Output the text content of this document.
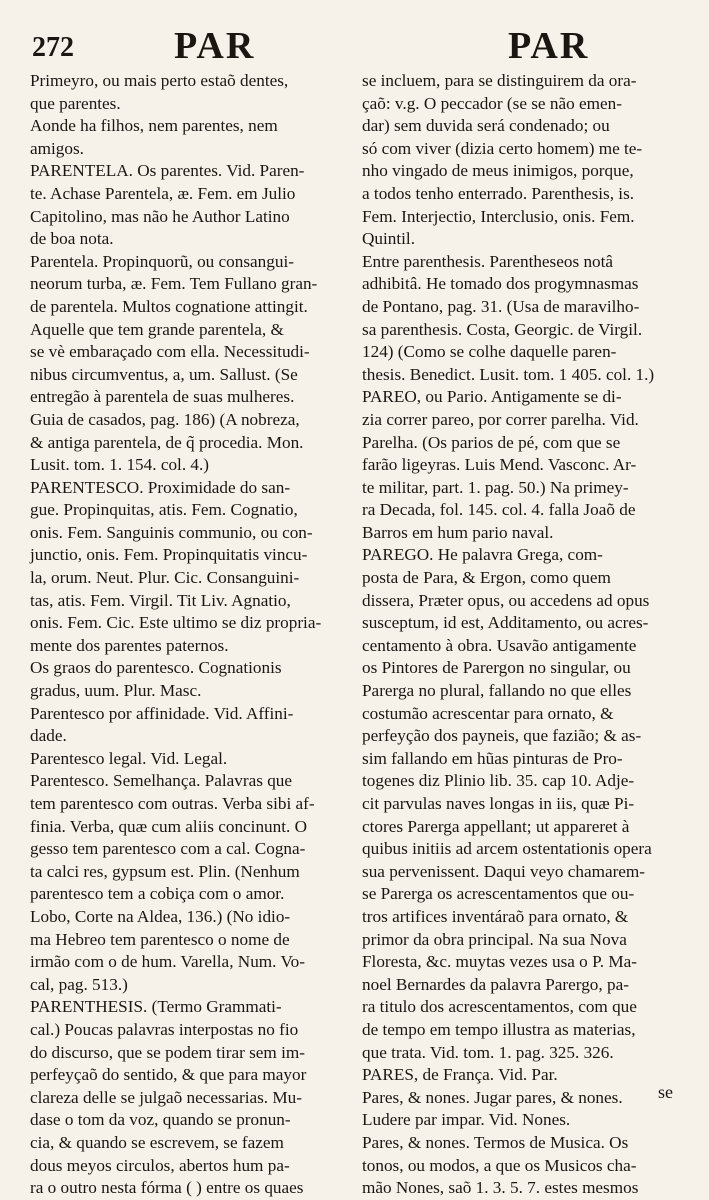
272	PAR	PAR
Primeyro, ou mais perto estaõ dentes,
que parentes.
Aonde ha filhos, nem parentes, nem
amigos.
PARENTELA. Os parentes. Vid. Paren-
te. Achase Parentela, æ. Fem. em Julio
Capitolino, mas não he Author Latino
de boa nota.
Parentela. Propinquorũ, ou consangui-
neorum turba, æ. Fem. Tem Fullano gran-
de parentela. Multos cognatione attingit.
Aquelle que tem grande parentela, &
se vè embaraçado com ella. Necessitudi-
nibus circumventus, a, um. Sallust. (Se
entregão à parentela de suas mulheres.
Guia de casados, pag. 186) (A nobreza,
& antiga parentela, de q̃ procedia. Mon.
Lusit. tom. 1. 154. col. 4.)
PARENTESCO. Proximidade do san-
gue. Propinquitas, atis. Fem. Cognatio,
onis. Fem. Sanguinis communio, ou con-
junctio, onis. Fem. Propinquitatis vincu-
la, orum. Neut. Plur. Cic. Consanguini-
tas, atis. Fem. Virgil. Tit Liv. Agnatio,
onis. Fem. Cic. Este ultimo se diz propria-
mente dos parentes paternos.
Os graos do parentesco. Cognationis
gradus, uum. Plur. Masc.
Parentesco por affinidade. Vid. Affini-
dade.
Parentesco legal. Vid. Legal.
Parentesco. Semelhança. Palavras que
tem parentesco com outras. Verba sibi af-
finia. Verba, quæ cum aliis concinunt. O
gesso tem parentesco com a cal. Cogna-
ta calci res, gypsum est. Plin. (Nenhum
parentesco tem a cobiça com o amor.
Lobo, Corte na Aldea, 136.) (No idio-
ma Hebreo tem parentesco o nome de
irmão com o de hum. Varella, Num. Vo-
cal, pag. 513.)
PARENTHESIS. (Termo Grammati-
cal.) Poucas palavras interpostas no fio
do discurso, que se podem tirar sem im-
perfeyçaõ do sentido, & que para mayor
clareza delle se julgaõ necessarias. Mu-
dase o tom da voz, quando se pronun-
cia, & quando se escrevem, se fazem
dous meyos circulos, abertos hum pa-
ra o outro nesta fórma ( ) entre os quaes
se incluem, para se distinguirem da ora-
çaõ: v.g. O peccador (se se não emen-
dar) sem duvida será condenado; ou
só com viver (dizia certo homem) me te-
nho vingado de meus inimigos, porque,
a todos tenho enterrado. Parenthesis, is.
Fem. Interjectio, Interclusio, onis. Fem.
Quintil.
Entre parenthesis. Parentheseos notâ
adhibitâ. He tomado dos progymnasmas
de Pontano, pag. 31. (Usa de maravilho-
sa parenthesis. Costa, Georgic. de Virgil.
124) (Como se colhe daquelle paren-
thesis. Benedict. Lusit. tom. 1 405. col. 1.)
PAREO, ou Pario. Antigamente se di-
zia correr pareo, por correr parelha. Vid.
Parelha. (Os parios de pé, com que se
farão ligeyras. Luis Mend. Vasconc. Ar-
te militar, part. 1. pag. 50.) Na primey-
ra Decada, fol. 145. col. 4. falla Joaõ de
Barros em hum pario naval.
PAREGO. He palavra Grega, com-
posta de Para, & Ergon, como quem
dissera, Præter opus, ou accedens ad opus
susceptum, id est, Additamento, ou acres-
centamento à obra. Usavão antigamente
os Pintores de Parergon no singular, ou
Parerga no plural, fallando no que elles
costumão acrescentar para ornato, &
perfeyção dos payneis, que fazião; & as-
sim fallando em hũas pinturas de Pro-
togenes diz Plinio lib. 35. cap 10. Adje-
cit parvulas naves longas in iis, quæ Pi-
ctores Parerga appellant; ut appareret à
quibus initiis ad arcem ostentationis opera
sua pervenissent. Daqui veyo chamarem-
se Parerga os acrescentamentos que ou-
tros artifices inventáraõ para ornato, &
primor da obra principal. Na sua Nova
Floresta, &c. muytas vezes usa o P. Ma-
noel Bernardes da palavra Parergo, pa-
ra titulo dos acrescentamentos, com que
de tempo em tempo illustra as materias,
que trata. Vid. tom. 1. pag. 325. 326.
PARES, de França. Vid. Par.
Pares, & nones. Jugar pares, & nones.
Ludere par impar. Vid. Nones.
Pares, & nones. Termos de Musica. Os
tonos, ou modos, a que os Musicos cha-
mão Nones, saõ 1. 3. 5. 7. estes mesmos
se
